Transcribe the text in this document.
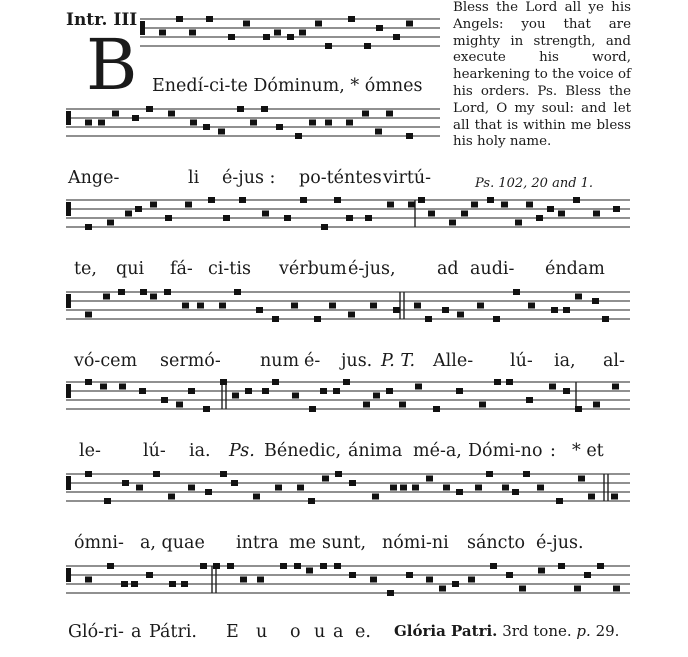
Intr. III
B

Bless the Lord all ye his Angels: you that are mighty in strength, and execute his word, hearkening to the voice of his orders. Ps. Bless the Lord, O my soul: and let all that is within me bless his holy name.

Ps. 102, 20 and 1.
Enedí-ci-te Dóminum, * ómnes
Ange-	li é-jus : po-téntes virtú-
te, qui fá- ci-tis vérbum é-jus, ad audi- éndam
vó-cem sermó- num é- jus. P. T. Alle- lú- ia, al-
le- lú- ia. Ps. Bénedic, ánima mé-a, Dómi-no : * et
ómni- a, quae intra me sunt, nómi-ni sáncto é-jus.
Gló-ri- a Pátri. E u o u a e. Glória Patri. 3rd tone. p. 29.
